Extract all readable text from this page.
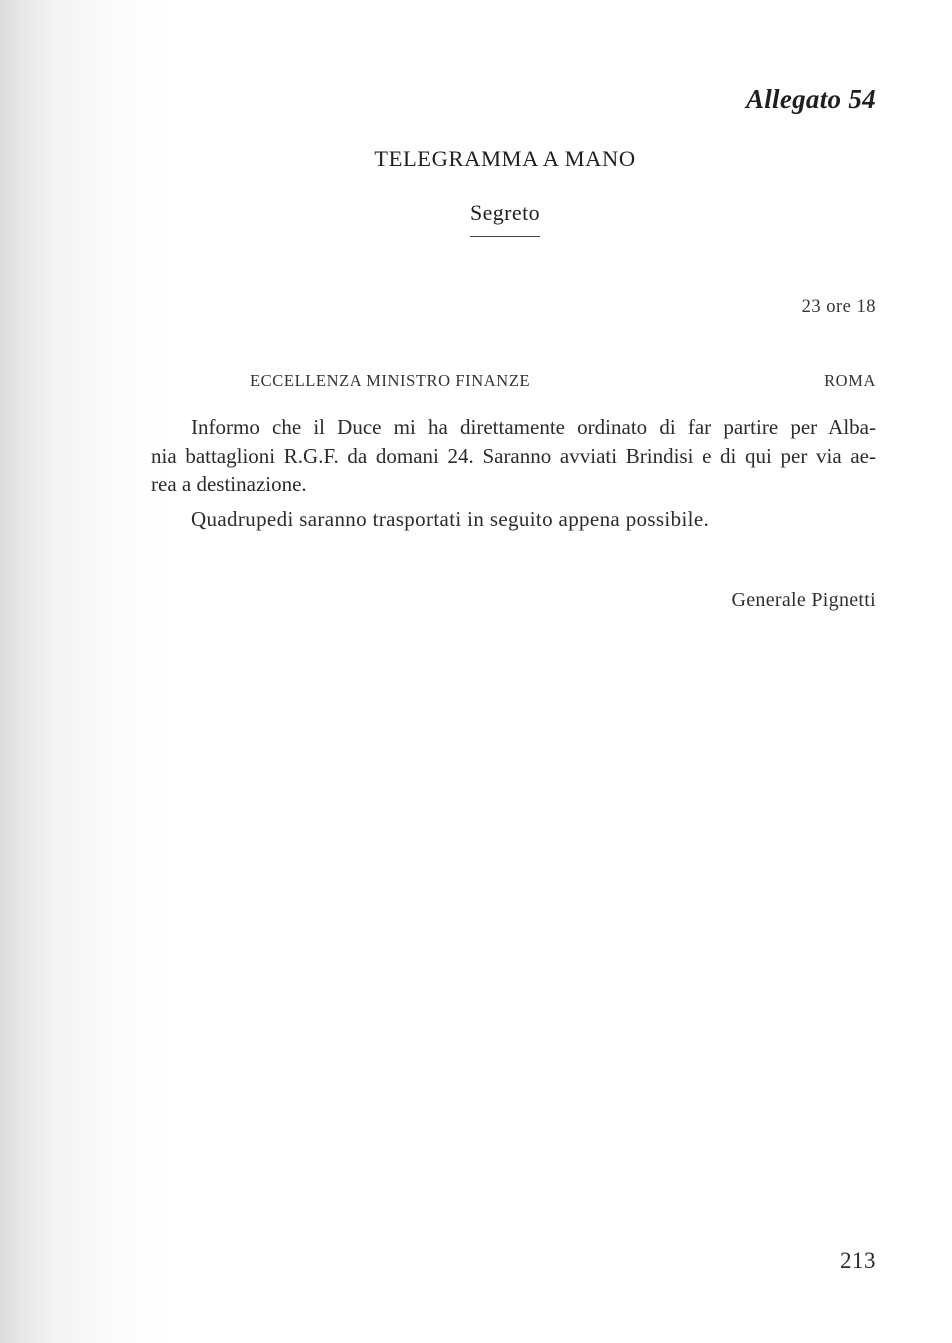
Allegato 54
TELEGRAMMA A MANO
Segreto
23 ore 18
ECCELLENZA MINISTRO FINANZE	ROMA
Informo che il Duce mi ha direttamente ordinato di far partire per Alba-
nia battaglioni R.G.F. da domani 24. Saranno avviati Brindisi e di qui per via ae-
rea a destinazione.
Quadrupedi saranno trasportati in seguito appena possibile.
Generale Pignetti
213
